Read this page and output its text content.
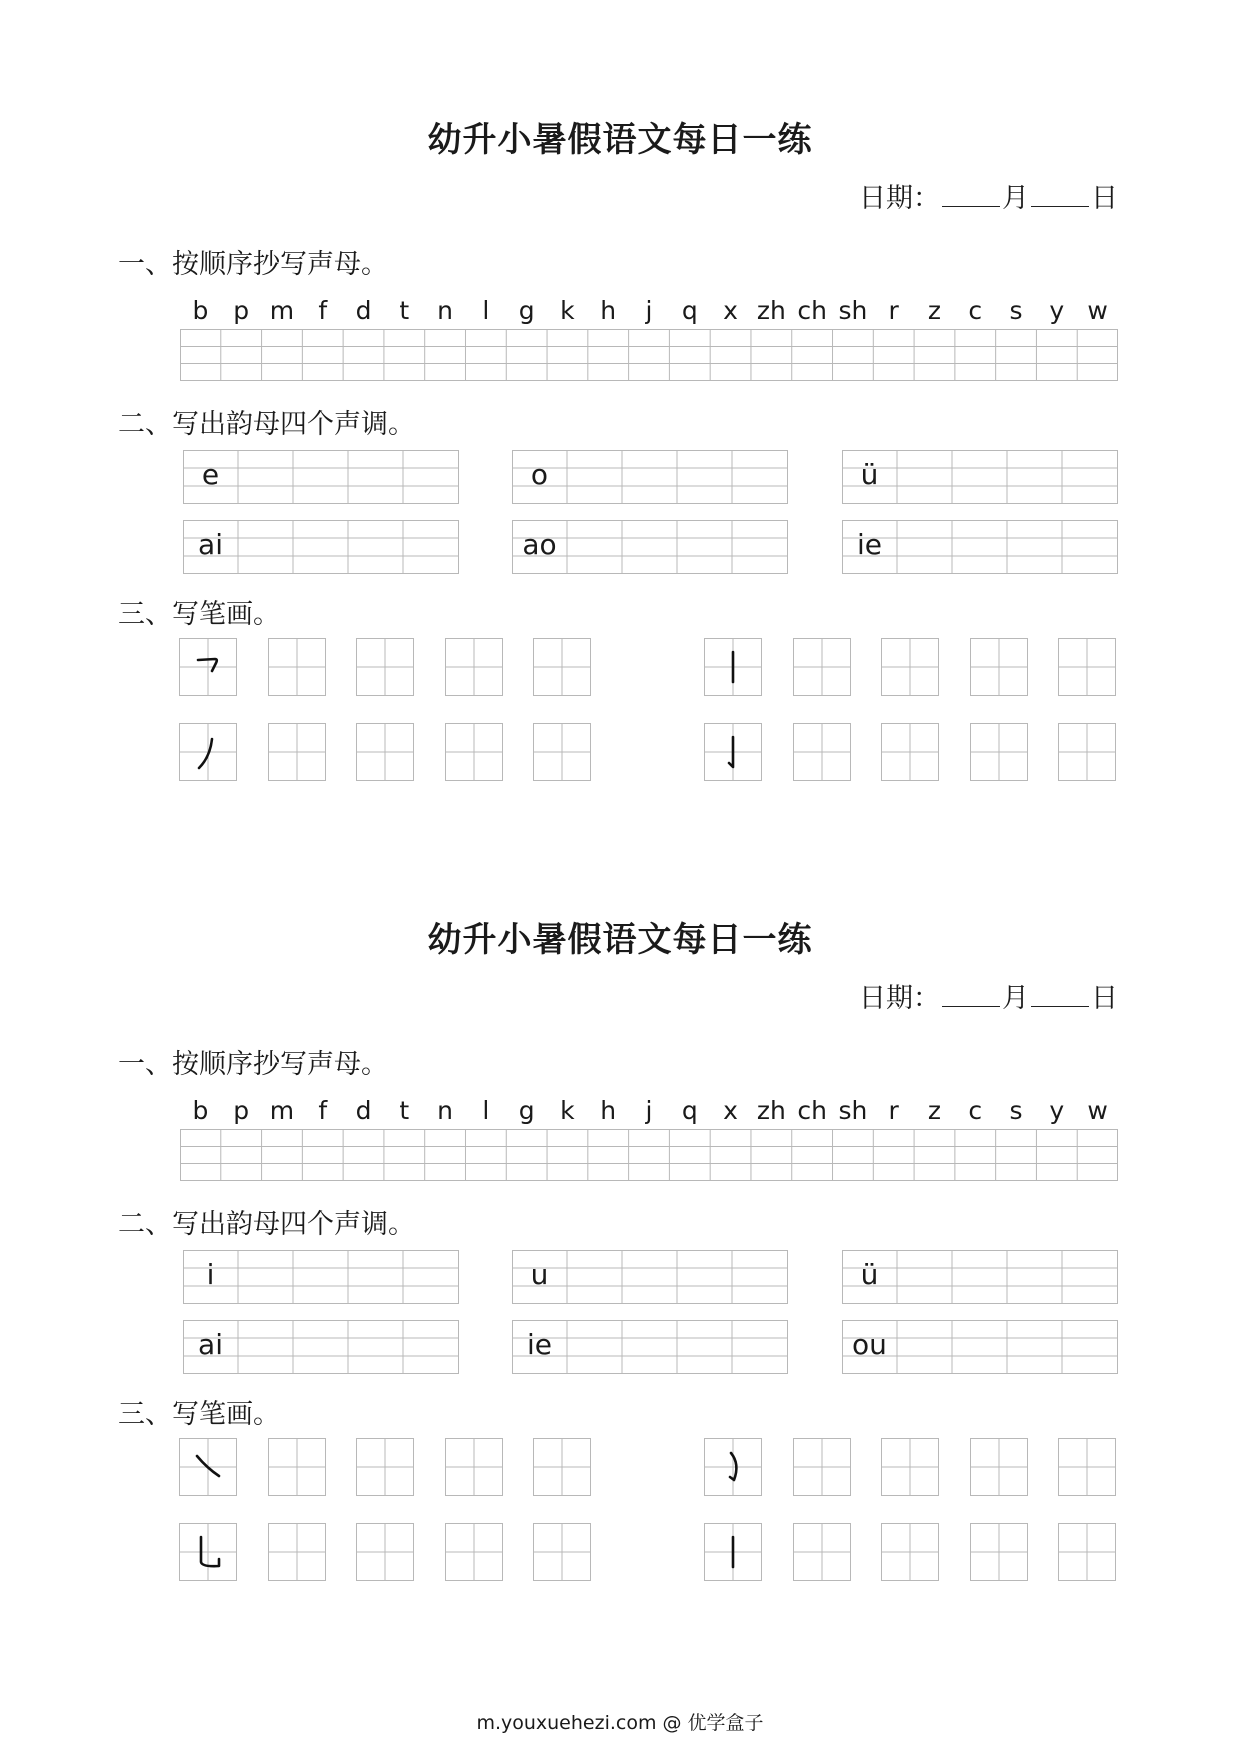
幼升小暑假语文每日一练
日期： 月 日
一、按顺序抄写声母。
b p m f	d	t	n	l	g	k	h	j	q	x zh ch sh r	z	c	s	y w
二、写出韵母四个声调。
e	o	ü
ai	ao	ie
三、写笔画。
幼升小暑假语文每日一练
日期： 月 日
一、按顺序抄写声母。
b p m f	d	t	n	l	g	k	h	j	q	x zh ch sh r	z	c	s	y w
二、写出韵母四个声调。
i	u	ü
ai	ie	ou
三、写笔画。
m.youxuehezi.com @ 优学盒子
